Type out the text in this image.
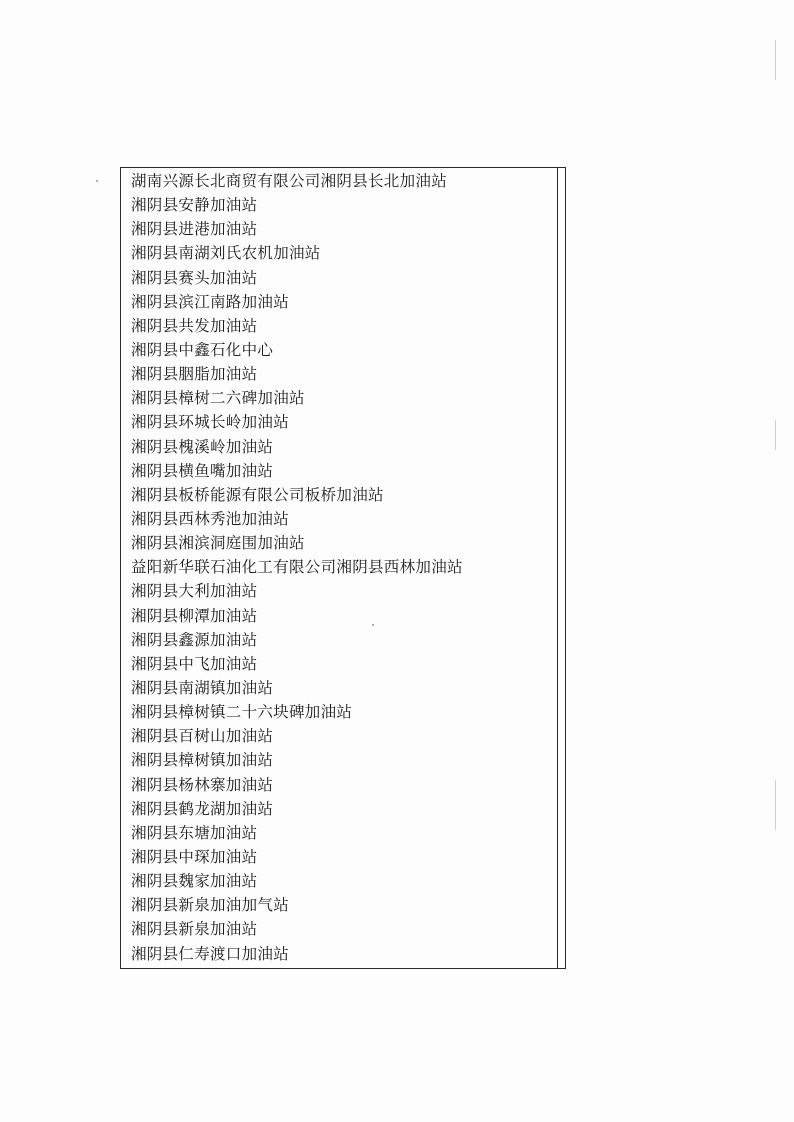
湖南兴源长北商贸有限公司湘阴县长北加油站
湘阴县安静加油站
湘阴县进港加油站
湘阴县南湖刘氏农机加油站
湘阴县赛头加油站
湘阴县滨江南路加油站
湘阴县共发加油站
湘阴县中鑫石化中心
湘阴县胭脂加油站
湘阴县樟树二六碑加油站
湘阴县环城长岭加油站
湘阴县槐溪岭加油站
湘阴县横鱼嘴加油站
湘阴县板桥能源有限公司板桥加油站
湘阴县西林秀池加油站
湘阴县湘滨洞庭围加油站
益阳新华联石油化工有限公司湘阴县西林加油站
湘阴县大利加油站
湘阴县柳潭加油站
湘阴县鑫源加油站
湘阴县中飞加油站
湘阴县南湖镇加油站
湘阴县樟树镇二十六块碑加油站
湘阴县百树山加油站
湘阴县樟树镇加油站
湘阴县杨林寨加油站
湘阴县鹤龙湖加油站
湘阴县东塘加油站
湘阴县中琛加油站
湘阴县魏家加油站
湘阴县新泉加油加气站
湘阴县新泉加油站
湘阴县仁寿渡口加油站
